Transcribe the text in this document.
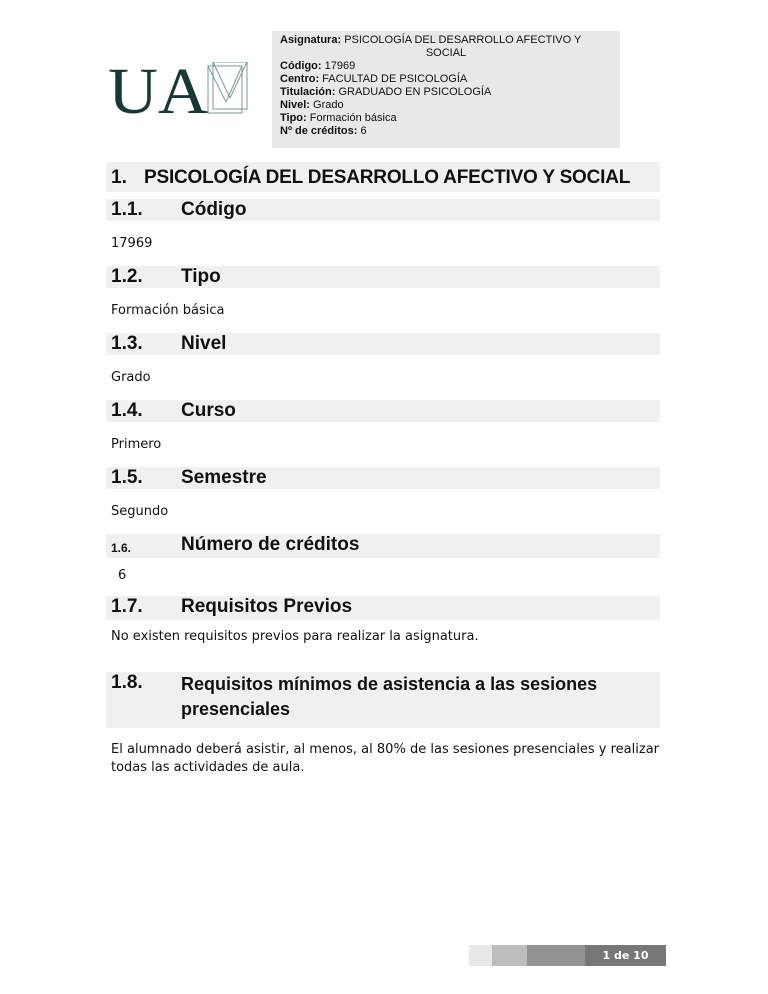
UA
Asignatura: PSICOLOGÍA DEL DESARROLLO AFECTIVO Y
SOCIAL
Código: 17969
Centro: FACULTAD DE PSICOLOGÍA
Titulación: GRADUADO EN PSICOLOGÍA
Nivel: Grado
Tipo: Formación básica
Nº de créditos: 6
1. PSICOLOGÍA DEL DESARROLLO AFECTIVO Y SOCIAL
1.1. Código
17969
1.2. Tipo
Formación básica
1.3. Nivel
Grado
1.4. Curso
Primero
1.5. Semestre
Segundo
1.6.	Número de créditos
6
1.7. Requisitos Previos
No existen requisitos previos para realizar la asignatura.
1.8. Requisitos mínimos de asistencia a las sesiones presenciales
El alumnado deberá asistir, al menos, al 80% de las sesiones presenciales y realizar todas las actividades de aula.
1 de 10
